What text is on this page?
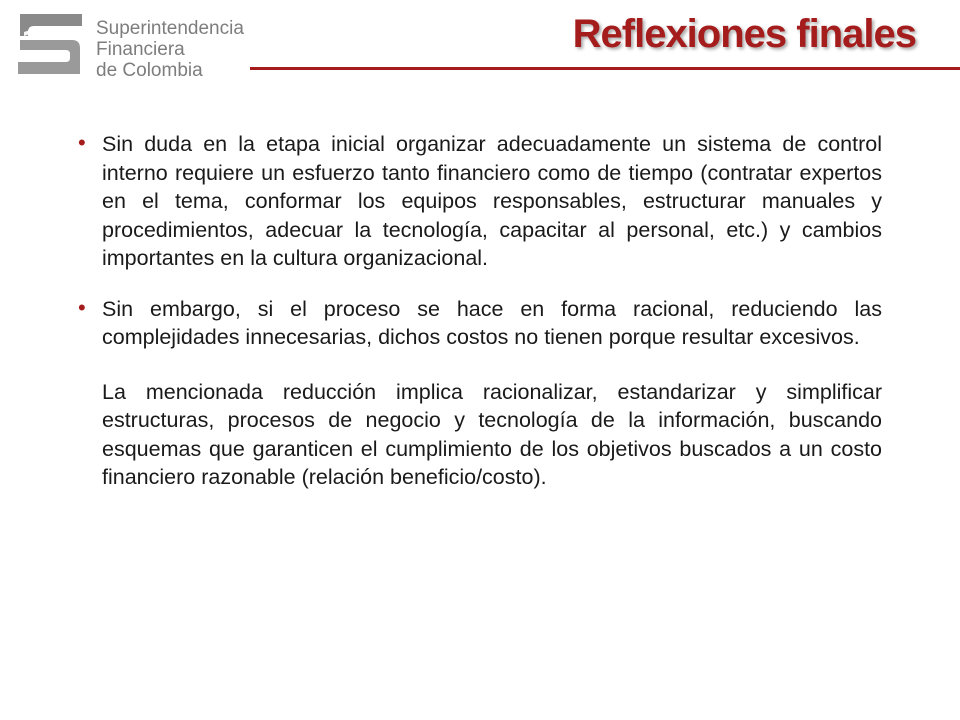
Superintendencia
Financiera
de Colombia
Reflexiones finales
• Sin duda en la etapa inicial organizar adecuadamente un sistema de control interno requiere un esfuerzo tanto financiero como de tiempo (contratar expertos en el tema, conformar los equipos responsables, estructurar manuales y procedimientos, adecuar la tecnología, capacitar al personal, etc.) y cambios importantes en la cultura organizacional.
• Sin embargo, si el proceso se hace en forma racional, reduciendo las complejidades innecesarias, dichos costos no tienen porque resultar excesivos.
La mencionada reducción implica racionalizar, estandarizar y simplificar estructuras, procesos de negocio y tecnología de la información, buscando esquemas que garanticen el cumplimiento de los objetivos buscados a un costo financiero razonable (relación beneficio/costo).
